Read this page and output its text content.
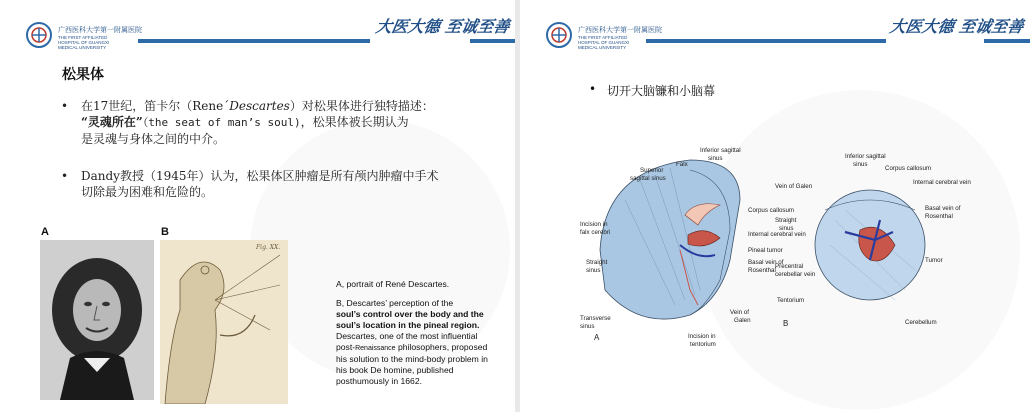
广西医科大学第一附属医院
THE FIRST AFFILIATED HOSPITAL OF GUANGXI MEDICAL UNIVERSITY
大医大德 至诚至善
松果体
• 在17世纪，笛卡尔（Rene´Descartes）对松果体进行独特描述：
“灵魂所在”（the seat of man’s soul)，松果体被长期认为
是灵魂与身体之间的中介。
• Dandy教授（1945年）认为，松果体区肿瘤是所有颅内肿瘤中手术
切除最为困难和危险的。
A	B
Fig. XX.

A, portrait of René Descartes.

B, Descartes’ perception of the
soul’s control over the body and the
soul’s location in the pineal region.
Descartes, one of the most influential
post-Renaissance philosophers, proposed
his solution to the mind-body problem in
his book De homine, published
posthumously in 1662.
广西医科大学第一附属医院
THE FIRST AFFILIATED HOSPITAL OF GUANGXI MEDICAL UNIVERSITY
大医大德 至诚至善
• 切开大脑镰和小脑幕
Inferior sagittal
sinus
Falx
Superior
sagittal sinus
Corpus callosum
Incision in
falx cerebri	Internal cerebral vein
Pineal tumor
Basal vein of
Rosenthal
Straight
sinus
Transverse
sinus
Vein of
Galen
Incision in
tentorium
A
Inferior sagittal
sinus
Corpus callosum
Internal cerebral vein
Vein of Galen
Basal vein of
Rosenthal
Straight
sinus
Precentral
cerebellar vein
Tumor
Tentorium
Cerebellum
B
